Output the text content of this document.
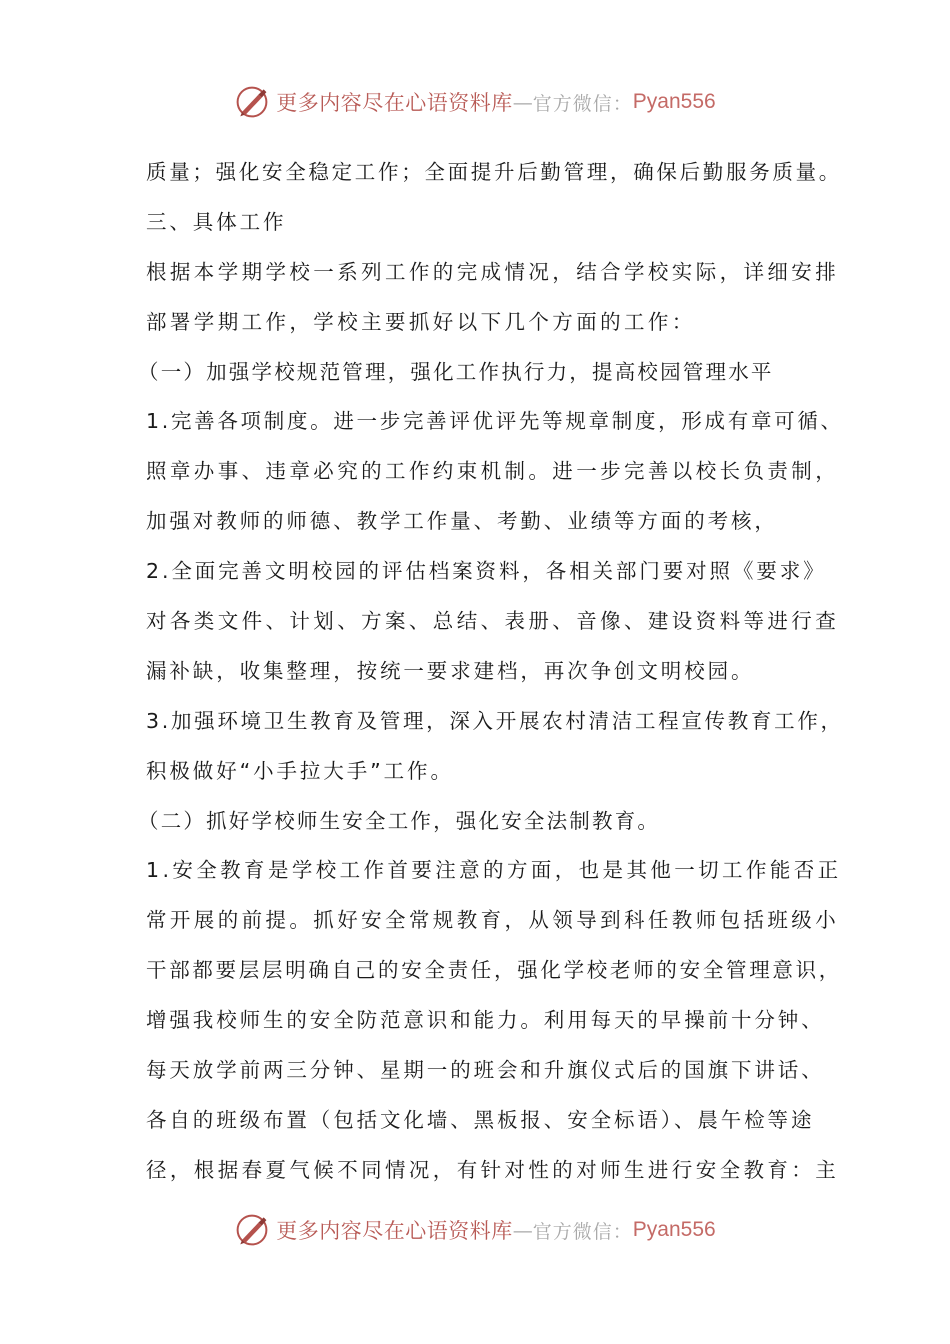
更多内容尽在心语资料库 — 官方微信： Pyan556
质量；强化安全稳定工作；全面提升后勤管理，确保后勤服务质量。
三、具体工作
根据本学期学校一系列工作的完成情况，结合学校实际，详细安排
部署学期工作，学校主要抓好以下几个方面的工作：
（一）加强学校规范管理，强化工作执行力，提高校园管理水平
1.完善各项制度。进一步完善评优评先等规章制度，形成有章可循、
照章办事、违章必究的工作约束机制。进一步完善以校长负责制，
加强对教师的师德、教学工作量、考勤、业绩等方面的考核，
2.全面完善文明校园的评估档案资料，各相关部门要对照《要求》
对各类文件、计划、方案、总结、表册、音像、建设资料等进行查
漏补缺，收集整理，按统一要求建档，再次争创文明校园。
3.加强环境卫生教育及管理，深入开展农村清洁工程宣传教育工作，
积极做好“小手拉大手”工作。
（二）抓好学校师生安全工作，强化安全法制教育。
1.安全教育是学校工作首要注意的方面，也是其他一切工作能否正
常开展的前提。抓好安全常规教育，从领导到科任教师包括班级小
干部都要层层明确自己的安全责任，强化学校老师的安全管理意识，
增强我校师生的安全防范意识和能力。利用每天的早操前十分钟、
每天放学前两三分钟、星期一的班会和升旗仪式后的国旗下讲话、
各自的班级布置（包括文化墙、黑板报、安全标语）、晨午检等途
径，根据春夏气候不同情况，有针对性的对师生进行安全教育：主
更多内容尽在心语资料库 — 官方微信： Pyan556
